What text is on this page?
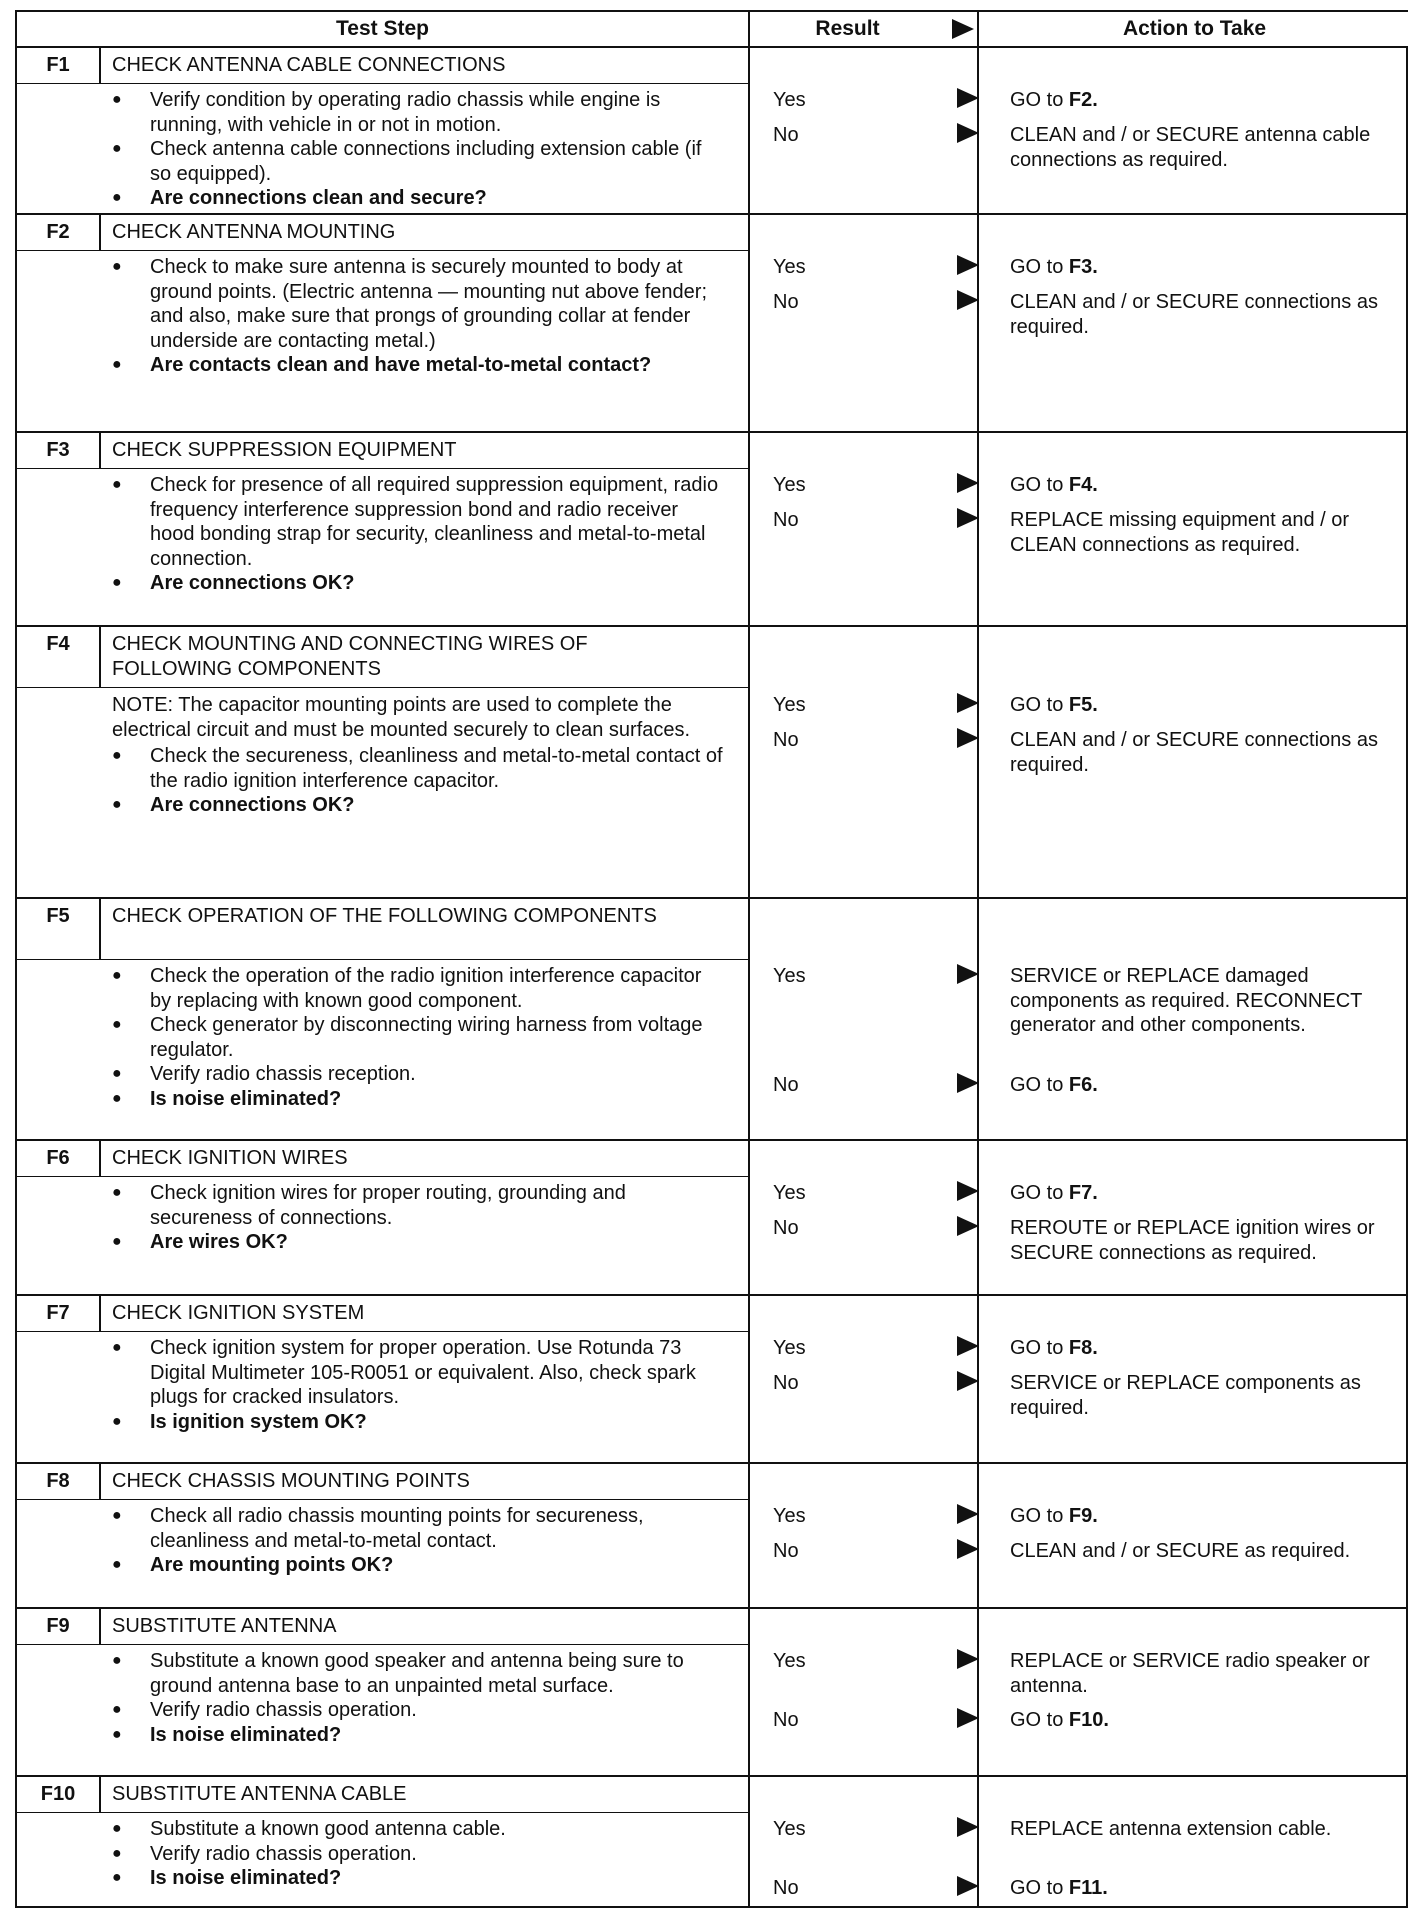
Test Step	Result	Action to Take
F1	CHECK ANTENNA CABLE CONNECTIONS

● Verify condition by operating radio chassis while engine is running, with vehicle in or not in motion.

● Check antenna cable connections including extension cable (if so equipped).

● Are connections clean and secure?

Yes	GO to F2.
No	CLEAN and / or SECURE antenna cable connections as required.
F2	CHECK ANTENNA MOUNTING

● Check to make sure antenna is securely mounted to body at ground points. (Electric antenna — mounting nut above fender; and also, make sure that prongs of grounding collar at fender underside are contacting metal.)

● Are contacts clean and have metal-to-metal contact?

Yes	GO to F3.
No	CLEAN and / or SECURE connections as required.
F3	CHECK SUPPRESSION EQUIPMENT

● Check for presence of all required suppression equipment, radio frequency interference suppression bond and radio receiver hood bonding strap for security, cleanliness and metal-to-metal connection.

● Are connections OK?

Yes	GO to F4.
No	REPLACE missing equipment and / or CLEAN connections as required.
F4	CHECK MOUNTING AND CONNECTING WIRES OF FOLLOWING COMPONENTS

NOTE: The capacitor mounting points are used to complete the electrical circuit and must be mounted securely to clean surfaces.

● Check the secureness, cleanliness and metal-to-metal contact of the radio ignition interference capacitor.

● Are connections OK?

Yes	GO to F5.
No	CLEAN and / or SECURE connections as required.
F5	CHECK OPERATION OF THE FOLLOWING COMPONENTS

● Check the operation of the radio ignition interference capacitor by replacing with known good component.

● Check generator by disconnecting wiring harness from voltage regulator.

● Verify radio chassis reception.

● Is noise eliminated?

Yes	SERVICE or REPLACE damaged components as required. RECONNECT generator and other components.
No	GO to F6.
F6	CHECK IGNITION WIRES

● Check ignition wires for proper routing, grounding and secureness of connections.

● Are wires OK?

Yes	GO to F7.
No	REROUTE or REPLACE ignition wires or SECURE connections as required.
F7	CHECK IGNITION SYSTEM

● Check ignition system for proper operation. Use Rotunda 73 Digital Multimeter 105-R0051 or equivalent. Also, check spark plugs for cracked insulators.

● Is ignition system OK?

Yes	GO to F8.
No	SERVICE or REPLACE components as required.
F8	CHECK CHASSIS MOUNTING POINTS

● Check all radio chassis mounting points for secureness, cleanliness and metal-to-metal contact.

● Are mounting points OK?

Yes	GO to F9.
No	CLEAN and / or SECURE as required.
F9	SUBSTITUTE ANTENNA

● Substitute a known good speaker and antenna being sure to ground antenna base to an unpainted metal surface.

● Verify radio chassis operation.

● Is noise eliminated?

Yes	REPLACE or SERVICE radio speaker or antenna.
No	GO to F10.
F10	SUBSTITUTE ANTENNA CABLE

● Substitute a known good antenna cable.

● Verify radio chassis operation.

● Is noise eliminated?

Yes	REPLACE antenna extension cable.
No	GO to F11.
